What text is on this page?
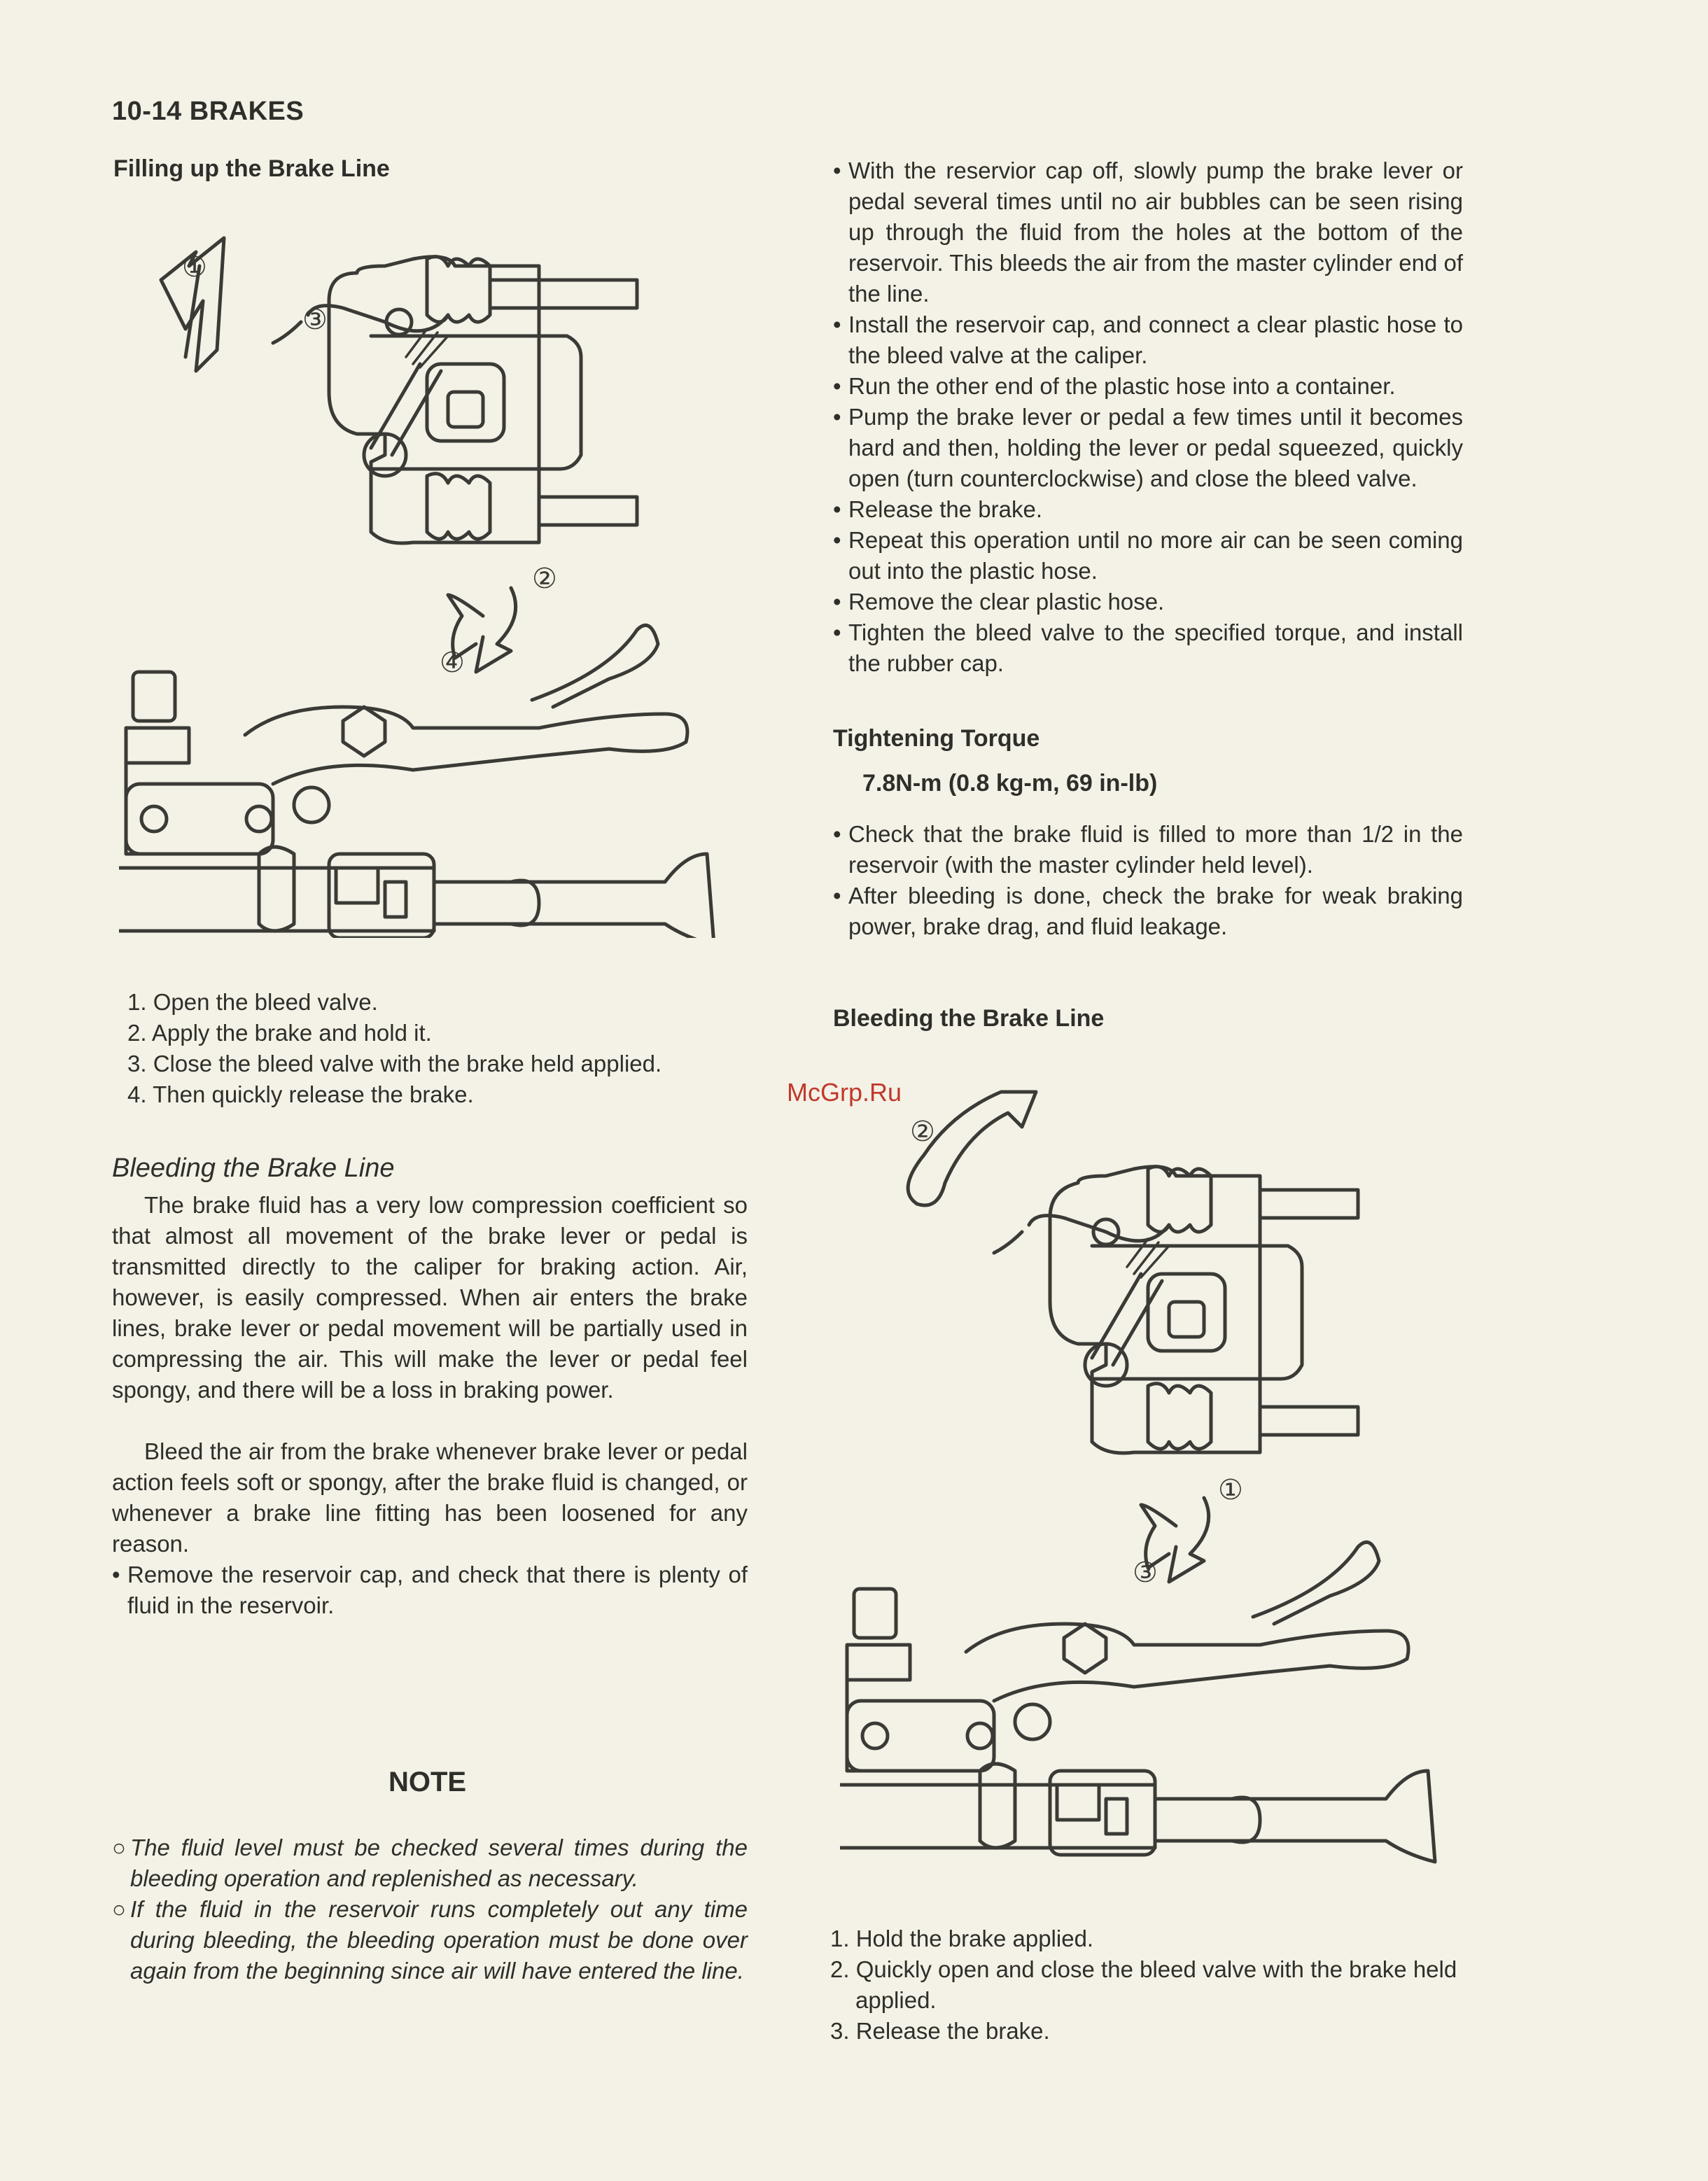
10-14 BRAKES
Filling up the Brake Line
①
③
②
④
1. Open the bleed valve.
2. Apply the brake and hold it.
3. Close the bleed valve with the brake held applied.
4. Then quickly release the brake.
Bleeding the Brake Line
The brake fluid has a very low compression coefficient so that almost all movement of the brake lever or pedal is transmitted directly to the caliper for braking action. Air, however, is easily compressed. When air enters the brake lines, brake lever or pedal movement will be partially used in compressing the air. This will make the lever or pedal feel spongy, and there will be a loss in braking power.
Bleed the air from the brake whenever brake lever or pedal action feels soft or spongy, after the brake fluid is changed, or whenever a brake line fitting has been loosened for any reason.
• Remove the reservoir cap, and check that there is plenty of fluid in the reservoir.
NOTE
○ The fluid level must be checked several times during the bleeding operation and replenished as necessary.
○ If the fluid in the reservoir runs completely out any time during bleeding, the bleeding operation must be done over again from the beginning since air will have entered the line.
• With the reservior cap off, slowly pump the brake lever or pedal several times until no air bubbles can be seen rising up through the fluid from the holes at the bottom of the reservoir. This bleeds the air from the master cylinder end of the line.
• Install the reservoir cap, and connect a clear plastic hose to the bleed valve at the caliper.
• Run the other end of the plastic hose into a container.
• Pump the brake lever or pedal a few times until it becomes hard and then, holding the lever or pedal squeezed, quickly open (turn counterclockwise) and close the bleed valve.
• Release the brake.
• Repeat this operation until no more air can be seen coming out into the plastic hose.
• Remove the clear plastic hose.
• Tighten the bleed valve to the specified torque, and install the rubber cap.
Tightening Torque
7.8N-m (0.8 kg-m, 69 in-lb)
• Check that the brake fluid is filled to more than 1/2 in the reservoir (with the master cylinder held level).
• After bleeding is done, check the brake for weak braking power, brake drag, and fluid leakage.
Bleeding the Brake Line
McGrp.Ru
②
①
③
1. Hold the brake applied.
2. Quickly open and close the bleed valve with the brake held applied.
3. Release the brake.
